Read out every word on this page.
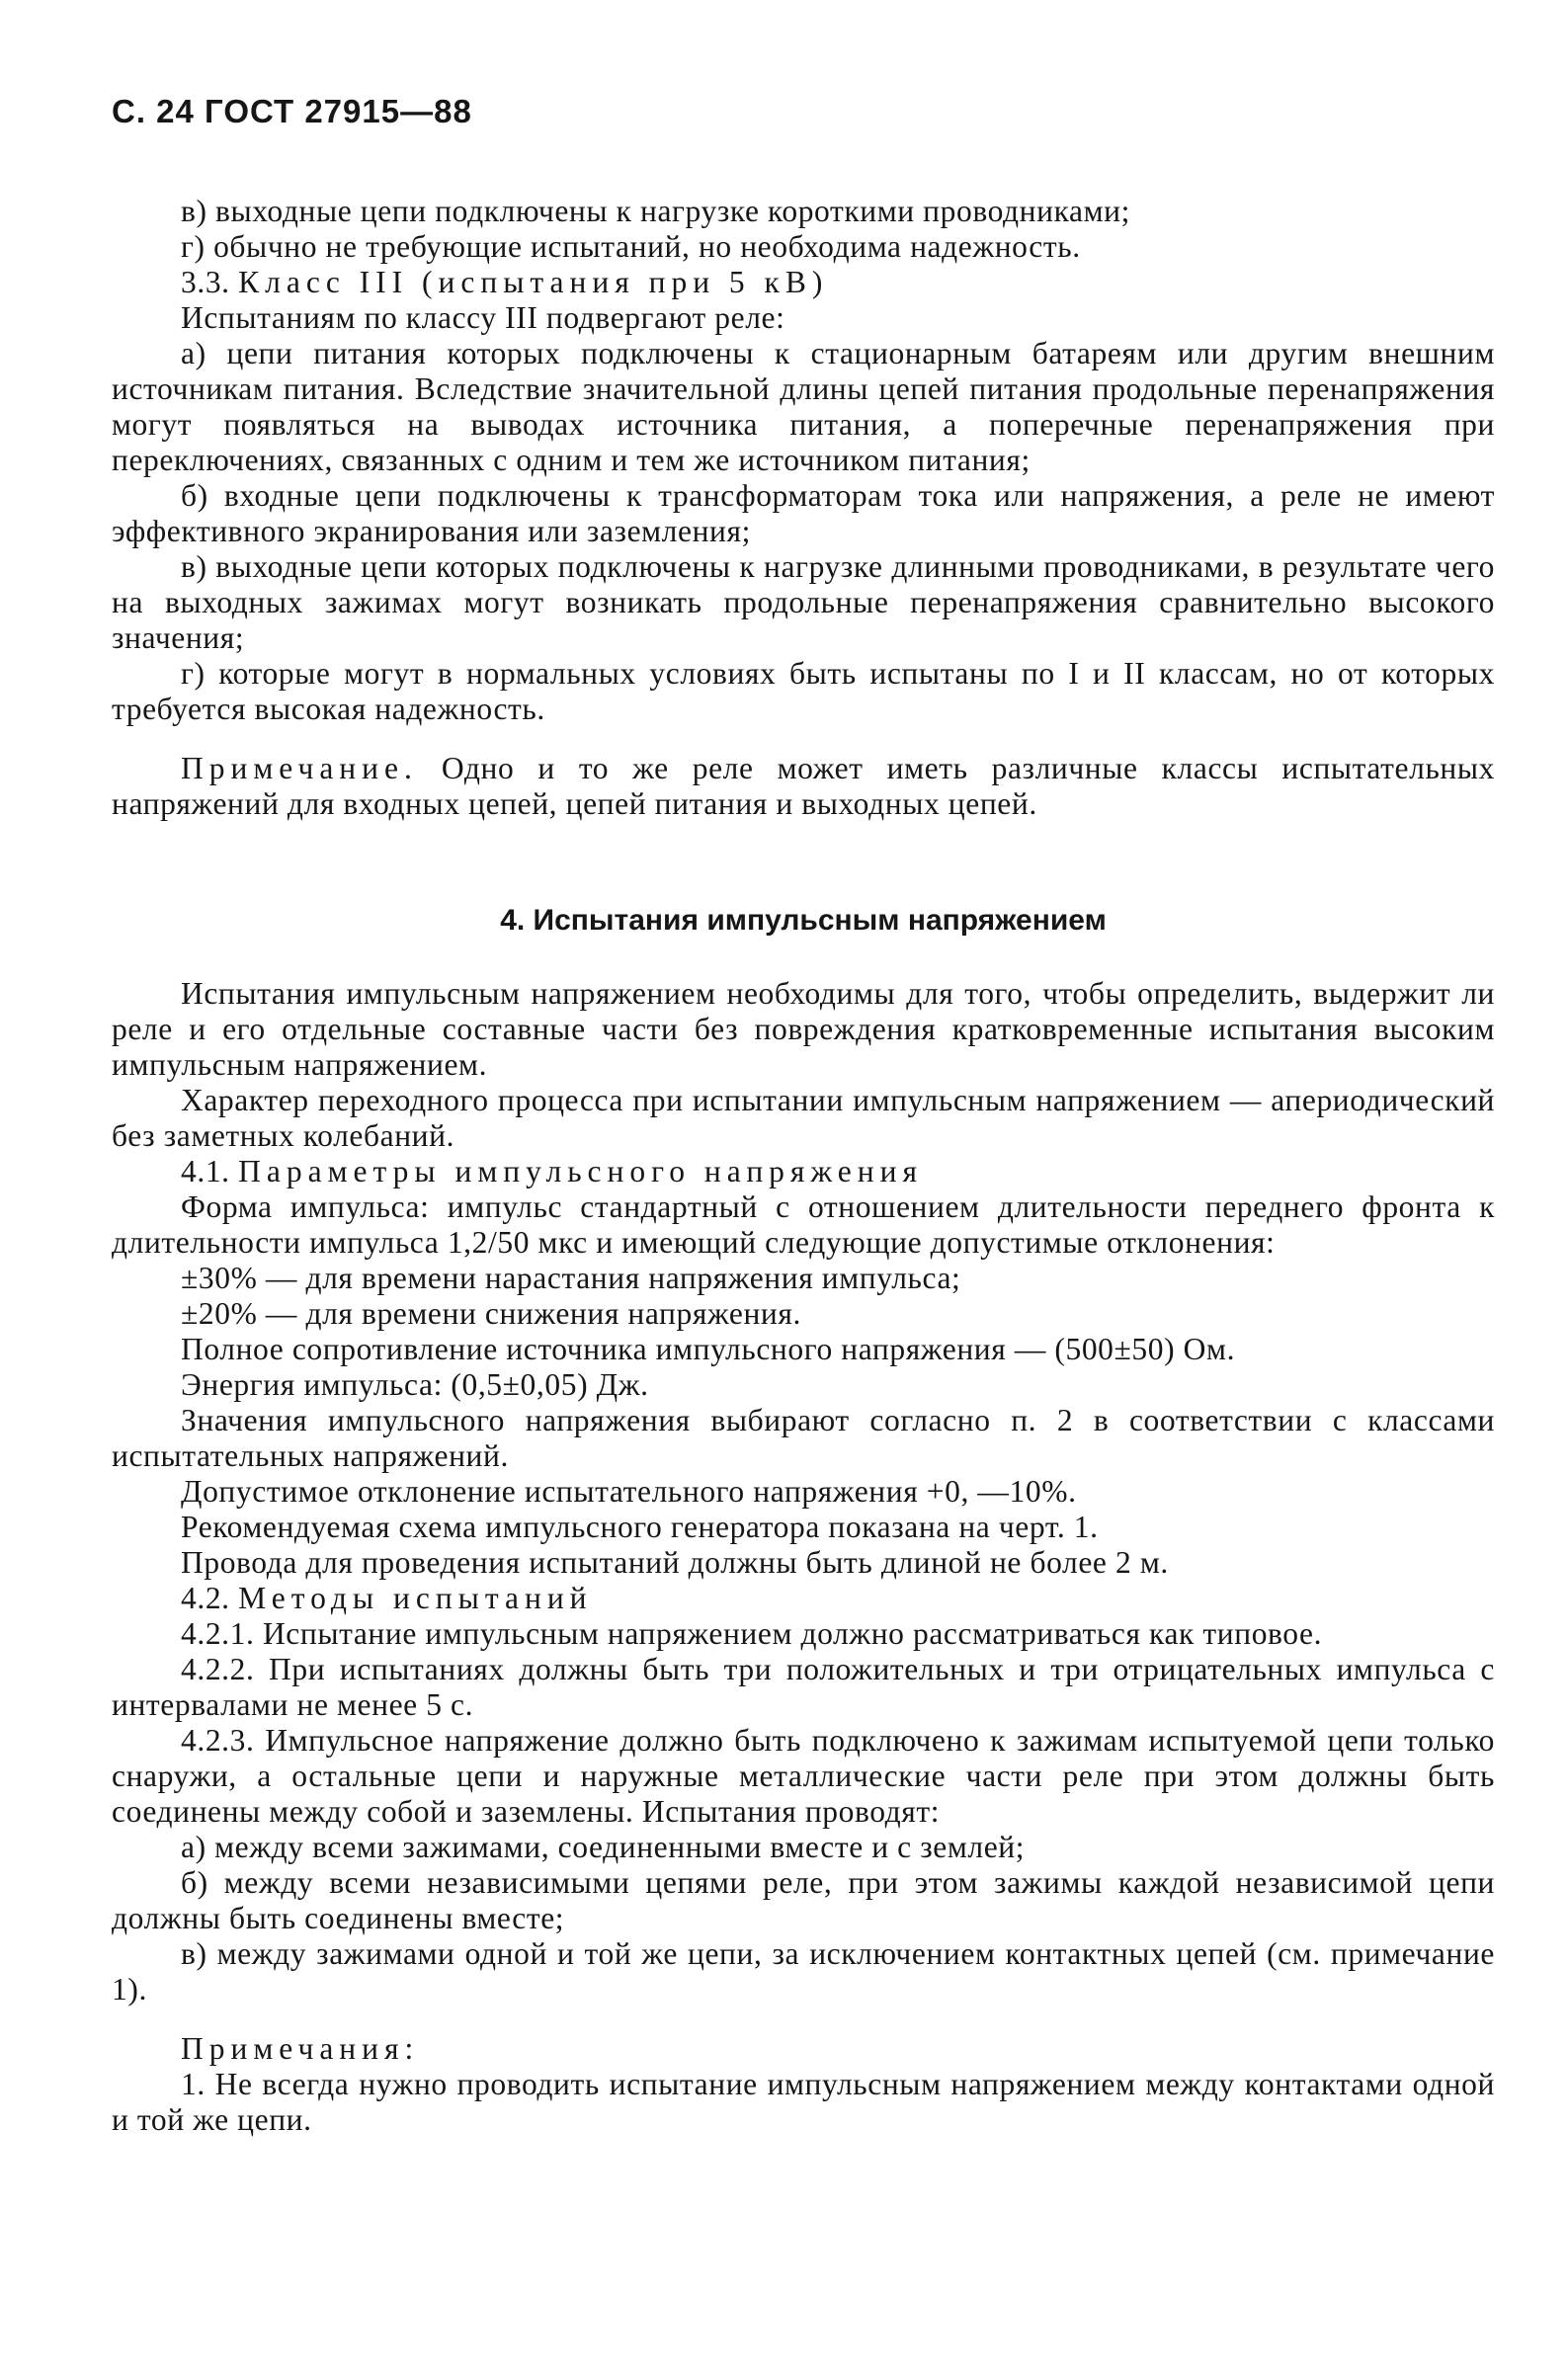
С. 24 ГОСТ 27915—88

в) выходные цепи подключены к нагрузке короткими проводниками;

г) обычно не требующие испытаний, но необходима надежность.

3.3. Класс III (испытания при 5 кВ)

Испытаниям по классу III подвергают реле:

а) цепи питания которых подключены к стационарным батареям или другим внешним источникам питания. Вследствие значительной длины цепей питания продольные перенапряжения могут появляться на выводах источника питания, а поперечные перенапряжения при переключениях, связанных с одним и тем же источником питания;

б) входные цепи подключены к трансформаторам тока или напряжения, а реле не имеют эффективного экранирования или заземления;

в) выходные цепи которых подключены к нагрузке длинными проводниками, в результате чего на выходных зажимах могут возникать продольные перенапряжения сравнительно высокого значения;

г) которые могут в нормальных условиях быть испытаны по I и II классам, но от которых требуется высокая надежность.

Примечание. Одно и то же реле может иметь различные классы испытательных напряжений для входных цепей, цепей питания и выходных цепей.

4. Испытания импульсным напряжением

Испытания импульсным напряжением необходимы для того, чтобы определить, выдержит ли реле и его отдельные составные части без повреждения кратковременные испытания высоким импульсным напряжением.

Характер переходного процесса при испытании импульсным напряжением — апериодический без заметных колебаний.

4.1. Параметры импульсного напряжения

Форма импульса: импульс стандартный с отношением длительности переднего фронта к длительности импульса 1,2/50 мкс и имеющий следующие допустимые отклонения:

±30% — для времени нарастания напряжения импульса;

±20% — для времени снижения напряжения.

Полное сопротивление источника импульсного напряжения — (500±50) Ом.

Энергия импульса: (0,5±0,05) Дж.

Значения импульсного напряжения выбирают согласно п. 2 в соответствии с классами испытательных напряжений.

Допустимое отклонение испытательного напряжения +0, —10%.

Рекомендуемая схема импульсного генератора показана на черт. 1.

Провода для проведения испытаний должны быть длиной не более 2 м.

4.2. Методы испытаний

4.2.1. Испытание импульсным напряжением должно рассматриваться как типовое.

4.2.2. При испытаниях должны быть три положительных и три отрицательных импульса с интервалами не менее 5 с.

4.2.3. Импульсное напряжение должно быть подключено к зажимам испытуемой цепи только снаружи, а остальные цепи и наружные металлические части реле при этом должны быть соединены между собой и заземлены. Испытания проводят:

а) между всеми зажимами, соединенными вместе и с землей;

б) между всеми независимыми цепями реле, при этом зажимы каждой независимой цепи должны быть соединены вместе;

в) между зажимами одной и той же цепи, за исключением контактных цепей (см. примечание 1).

Примечания:

1. Не всегда нужно проводить испытание импульсным напряжением между контактами одной и той же цепи.
